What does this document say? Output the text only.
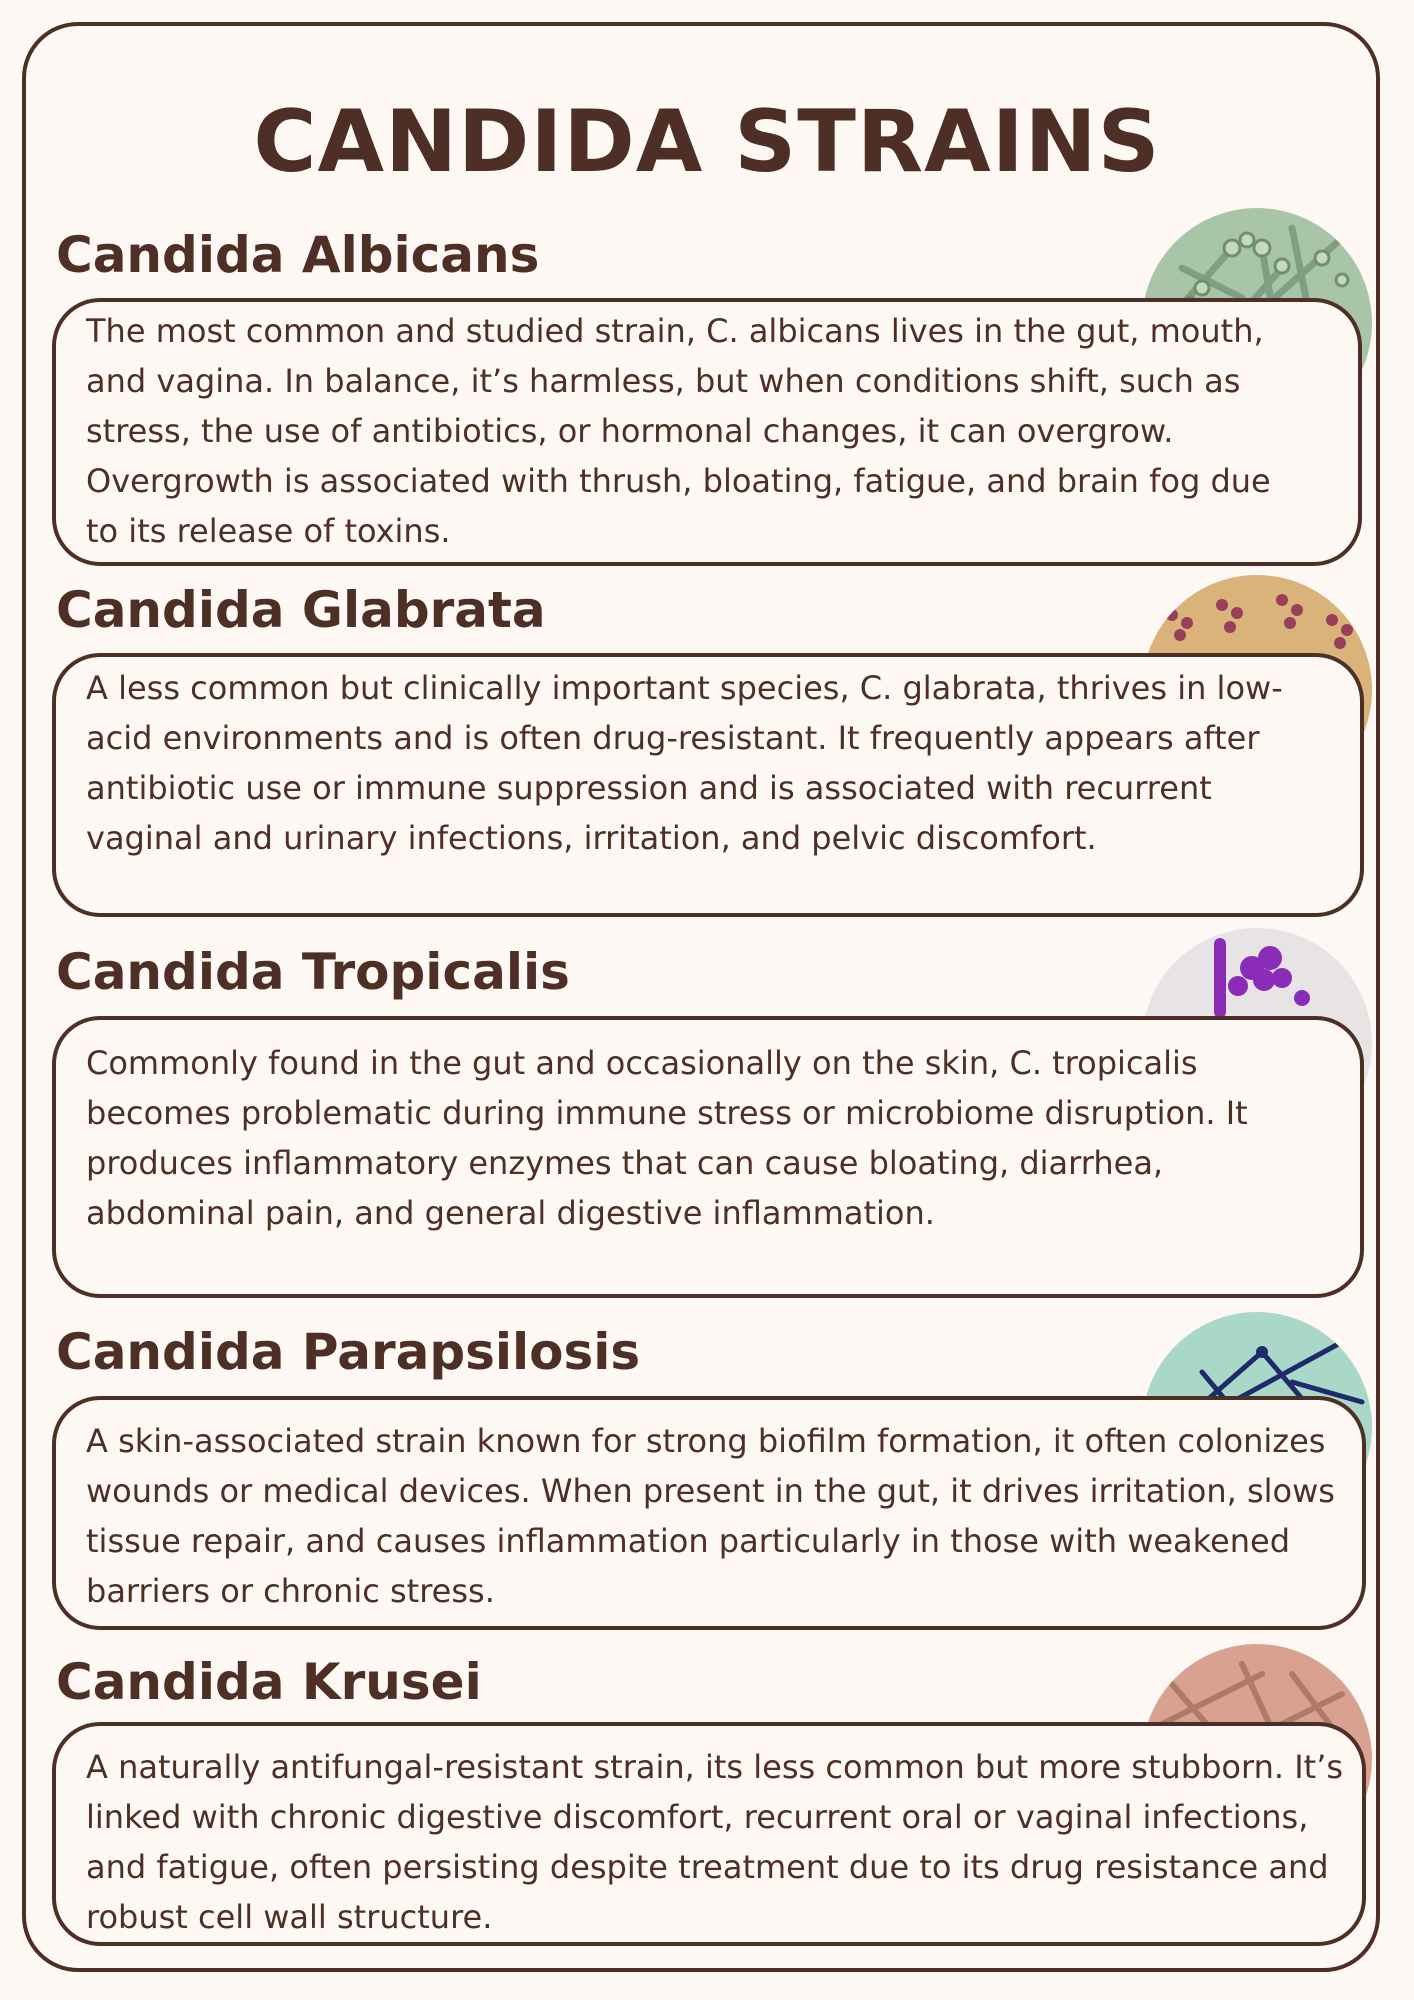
CANDIDA STRAINS
Candida Albicans

The most common and studied strain, C. albicans lives in the gut, mouth, and vagina. In balance, it’s harmless, but when conditions shift, such as stress, the use of antibiotics, or hormonal changes, it can overgrow. Overgrowth is associated with thrush, bloating, fatigue, and brain fog due to its release of toxins.

Candida Glabrata

A less common but clinically important species, C. glabrata, thrives in low-acid environments and is often drug-resistant. It frequently appears after antibiotic use or immune suppression and is associated with recurrent vaginal and urinary infections, irritation, and pelvic discomfort.

Candida Tropicalis

Commonly found in the gut and occasionally on the skin, C. tropicalis becomes problematic during immune stress or microbiome disruption. It produces inflammatory enzymes that can cause bloating, diarrhea, abdominal pain, and general digestive inflammation.

Candida Parapsilosis

A skin-associated strain known for strong biofilm formation, it often colonizes wounds or medical devices. When present in the gut, it drives irritation, slows tissue repair, and causes inflammation particularly in those with weakened barriers or chronic stress.

Candida Krusei

A naturally antifungal-resistant strain, its less common but more stubborn. It’s linked with chronic digestive discomfort, recurrent oral or vaginal infections, and fatigue, often persisting despite treatment due to its drug resistance and robust cell wall structure.
